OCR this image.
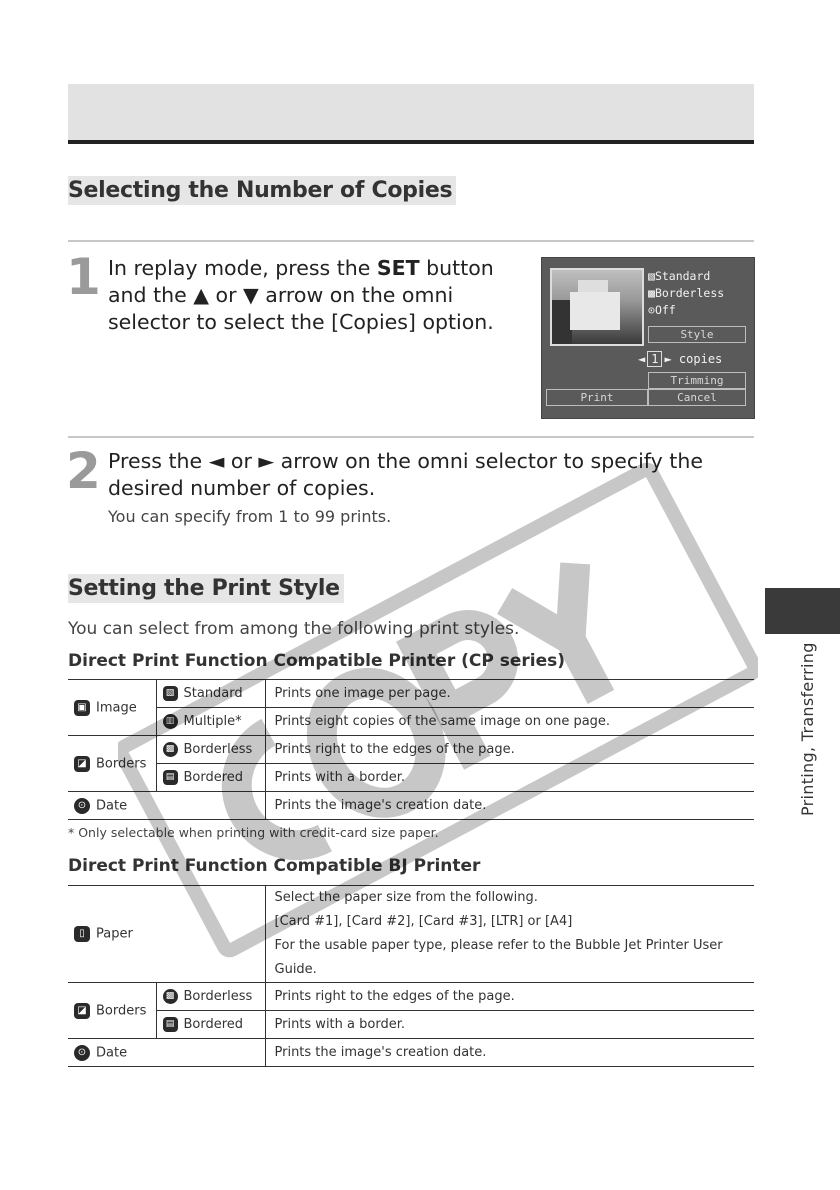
Selecting the Number of Copies
1 In replay mode, press the SET button and the ▲ or ▼ arrow on the omni selector to select the [Copies] option.
▧Standard
▩Borderless
⊙Off
Style
◄ 1 ► copies
Trimming
Print	Cancel
2 Press the ◄ or ► arrow on the omni selector to specify the desired number of copies.
You can specify from 1 to 99 prints.
Setting the Print Style
You can select from among the following print styles.
Direct Print Function Compatible Printer (CP series)
▣ Image	▧ Standard	Prints one image per page.
	▥ Multiple*	Prints eight copies of the same image on one page.
◪ Borders	▩ Borderless	Prints right to the edges of the page.
	▤ Bordered	Prints with a border.
⊙ Date		Prints the image's creation date.
* Only selectable when printing with credit-card size paper.
Direct Print Function Compatible BJ Printer
▯ Paper		Select the paper size from the following.
[Card #1], [Card #2], [Card #3], [LTR] or [A4]
For the usable paper type, please refer to the Bubble Jet Printer User Guide.

◪ Borders	▩ Borderless	Prints right to the edges of the page.
	▤ Bordered	Prints with a border.
⊙ Date		Prints the image's creation date.
Printing, Transferring
